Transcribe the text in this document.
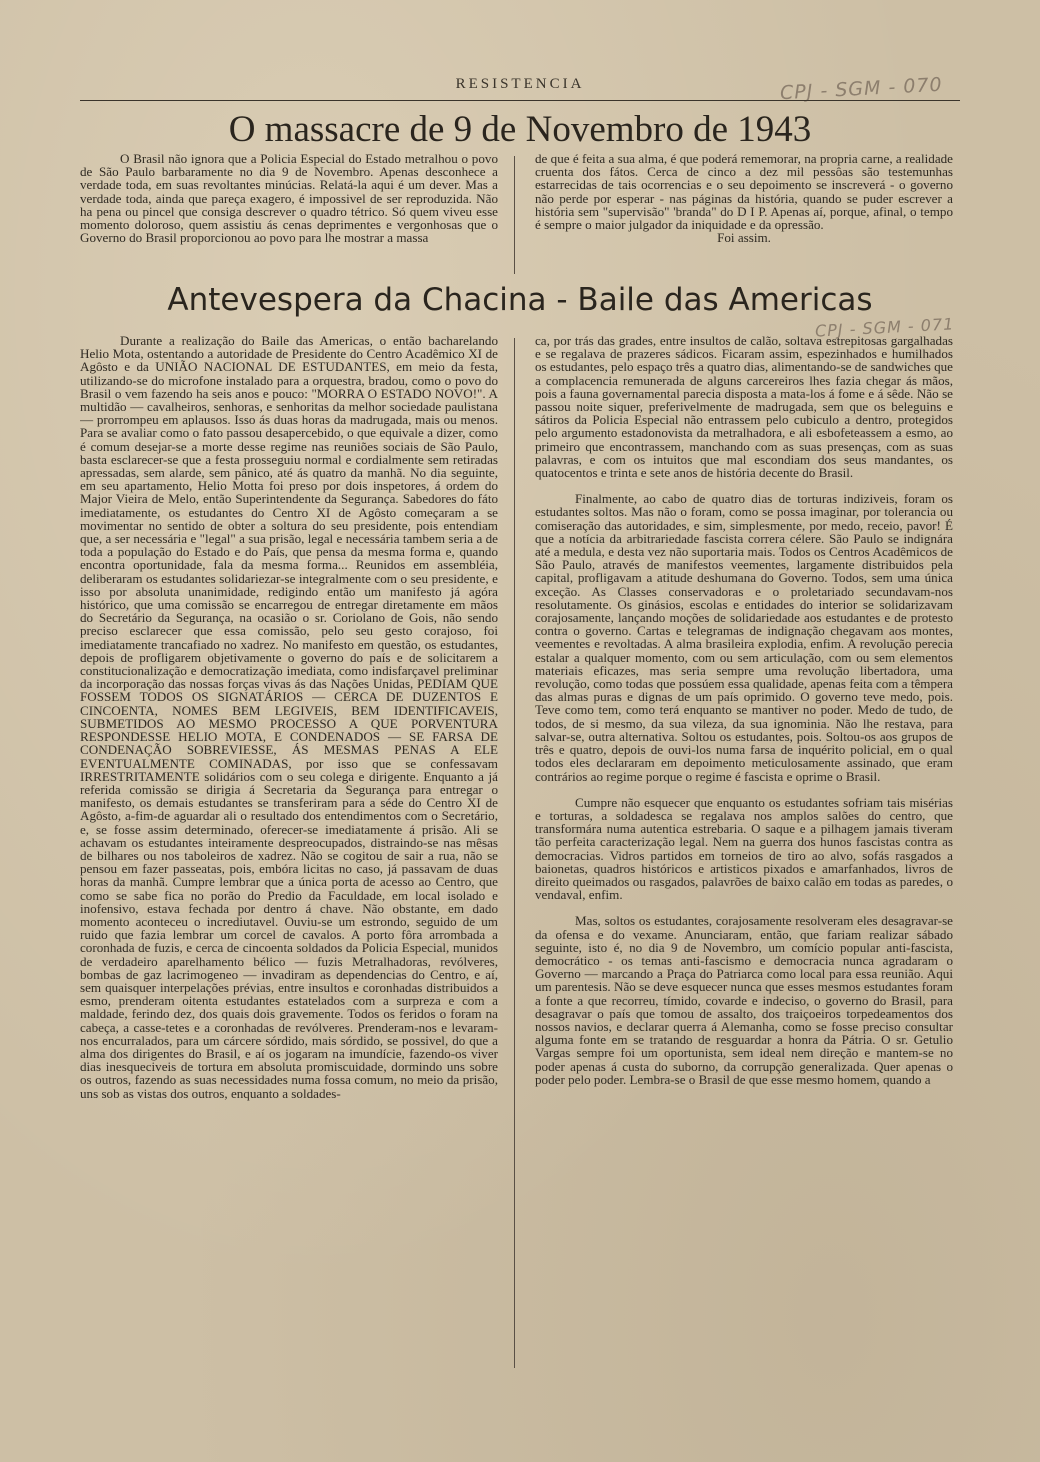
RESISTENCIA	CPJ - SGM - 070
O massacre de 9 de Novembro de 1943

O Brasil não ignora que a Policia Especial do Estado metralhou o povo de São Paulo barbaramente no dia 9 de Novembro. Apenas desconhece a verdade toda, em suas revoltantes minúcias. Relatá-la aqui é um dever. Mas a verdade toda, ainda que pareça exagero, é impossivel de ser reproduzida. Não ha pena ou pincel que consiga descrever o quadro tétrico. Só quem viveu esse momento doloroso, quem assistiu ás cenas deprimentes e vergonhosas que o Governo do Brasil proporcionou ao povo para lhe mostrar a massa

de que é feita a sua alma, é que poderá rememorar, na propria carne, a realidade cruenta dos fátos. Cerca de cinco a dez mil pessôas são testemunhas estarrecidas de tais ocorrencias e o seu depoimento se inscreverá - o governo não perde por esperar - nas páginas da história, quando se puder escrever a história sem "supervisão" 'branda" do D I P. Apenas aí, porque, afinal, o tempo é sempre o maior julgador da iniquidade e da opressão.

Foi assim.

Antevespera da Chacina - Baile das Americas
CPJ - SGM - 071

Durante a realização do Baile das Americas, o então bacharelando Helio Mota, ostentando a autoridade de Presidente do Centro Acadêmico XI de Agôsto e da UNIÃO NACIONAL DE ESTUDANTES, em meio da festa, utilizando-se do microfone instalado para a orquestra, bradou, como o povo do Brasil o vem fazendo ha seis anos e pouco: "MORRA O ESTADO NOVO!". A multidão — cavalheiros, senhoras, e senhoritas da melhor sociedade paulistana — prorrompeu em aplausos. Isso ás duas horas da madrugada, mais ou menos. Para se avaliar como o fato passou desapercebido, o que equivale a dizer, como é comum desejar-se a morte desse regime nas reuniões sociais de São Paulo, basta esclarecer-se que a festa prosseguiu normal e cordialmente sem retiradas apressadas, sem alarde, sem pânico, até ás quatro da manhã. No dia seguinte, em seu apartamento, Helio Motta foi preso por dois inspetores, á ordem do Major Vieira de Melo, então Superintendente da Segurança. Sabedores do fáto imediatamente, os estudantes do Centro XI de Agôsto começaram a se movimentar no sentido de obter a soltura do seu presidente, pois entendiam que, a ser necessária e "legal" a sua prisão, legal e necessária tambem seria a de toda a população do Estado e do País, que pensa da mesma forma e, quando encontra oportunidade, fala da mesma forma... Reunidos em assembléia, deliberaram os estudantes solidariezar-se integralmente com o seu presidente, e isso por absoluta unanimidade, redigindo então um manifesto já agóra histórico, que uma comissão se encarregou de entregar diretamente em mãos do Secretário da Segurança, na ocasião o sr. Coriolano de Gois, não sendo preciso esclarecer que essa comissão, pelo seu gesto corajoso, foi imediatamente trancafiado no xadrez. No manifesto em questão, os estudantes, depois de profligarem objetivamente o governo do país e de solicitarem a constitucionalização e democratização imediata, como indisfarçavel preliminar da incorporação das nossas forças vivas ás das Nações Unidas, PEDIAM QUE FOSSEM TODOS OS SIGNATÁRIOS — CERCA DE DUZENTOS E CINCOENTA, NOMES BEM LEGIVEIS, BEM IDENTIFICAVEIS, SUBMETIDOS AO MESMO PROCESSO A QUE PORVENTURA RESPONDESSE HELIO MOTA, E CONDENADOS — SE FARSA DE CONDENAÇÃO SOBREVIESSE, ÁS MESMAS PENAS A ELE EVENTUALMENTE COMINADAS, por isso que se confessavam IRRESTRITAMENTE solidários com o seu colega e dirigente. Enquanto a já referida comissão se dirigia á Secretaria da Segurança para entregar o manifesto, os demais estudantes se transferiram para a séde do Centro XI de Agôsto, a-fim-de aguardar ali o resultado dos entendimentos com o Secretário, e, se fosse assim determinado, oferecer-se imediatamente á prisão. Ali se achavam os estudantes inteiramente despreocupados, distraindo-se nas mêsas de bilhares ou nos taboleiros de xadrez. Não se cogitou de sair a rua, não se pensou em fazer passeatas, pois, embóra licitas no caso, já passavam de duas horas da manhã. Cumpre lembrar que a única porta de acesso ao Centro, que como se sabe fica no porão do Predio da Faculdade, em local isolado e inofensivo, estava fechada por dentro á chave. Não obstante, em dado momento aconteceu o incrediutavel. Ouviu-se um estrondo, seguido de um ruido que fazia lembrar um corcel de cavalos. A porto fôra arrombada a coronhada de fuzis, e cerca de cincoenta soldados da Policia Especial, munidos de verdadeiro aparelhamento bélico — fuzis Metralhadoras, revólveres, bombas de gaz lacrimogeneo — invadiram as dependencias do Centro, e aí, sem quaisquer interpelações prévias, entre insultos e coronhadas distribuidos a esmo, prenderam oitenta estudantes estatelados com a surpreza e com a maldade, ferindo dez, dos quais dois gravemente. Todos os feridos o foram na cabeça, a casse-tetes e a coronhadas de revólveres. Prenderam-nos e levaram-nos encurralados, para um cárcere sórdido, mais sórdido, se possivel, do que a alma dos dirigentes do Brasil, e aí os jogaram na imundície, fazendo-os viver dias inesqueciveis de tortura em absoluta promiscuidade, dormindo uns sobre os outros, fazendo as suas necessidades numa fossa comum, no meio da prisão, uns sob as vistas dos outros, enquanto a soldades-

ca, por trás das grades, entre insultos de calão, soltava estrepitosas gargalhadas e se regalava de prazeres sádicos. Ficaram assim, espezinhados e humilhados os estudantes, pelo espaço três a quatro dias, alimentando-se de sandwiches que a complacencia remunerada de alguns carcereiros lhes fazia chegar ás mãos, pois a fauna governamental parecia disposta a mata-los á fome e á sêde. Não se passou noite siquer, preferivelmente de madrugada, sem que os beleguins e sátiros da Policia Especial não entrassem pelo cubiculo a dentro, protegidos pelo argumento estadonovista da metralhadora, e ali esbofeteassem a esmo, ao primeiro que encontrassem, manchando com as suas presenças, com as suas palavras, e com os intuitos que mal escondiam dos seus mandantes, os quatocentos e trinta e sete anos de história decente do Brasil.

Finalmente, ao cabo de quatro dias de torturas indiziveis, foram os estudantes soltos. Mas não o foram, como se possa imaginar, por tolerancia ou comiseração das autoridades, e sim, simplesmente, por medo, receio, pavor! É que a notícia da arbitrariedade fascista correra célere. São Paulo se indignára até a medula, e desta vez não suportaria mais. Todos os Centros Acadêmicos de São Paulo, através de manifestos veementes, largamente distribuidos pela capital, profligavam a atitude deshumana do Governo. Todos, sem uma única exceção. As Classes conservadoras e o proletariado secundavam-nos resolutamente. Os ginásios, escolas e entidades do interior se solidarizavam corajosamente, lançando moções de solidariedade aos estudantes e de protesto contra o governo. Cartas e telegramas de indignação chegavam aos montes, veementes e revoltadas. A alma brasileira explodia, enfim. A revolução perecia estalar a qualquer momento, com ou sem articulação, com ou sem elementos materiais eficazes, mas seria sempre uma revolução libertadora, uma revolução, como todas que possúem essa qualidade, apenas feita com a têmpera das almas puras e dignas de um país oprimido. O governo teve medo, pois. Teve como tem, como terá enquanto se mantiver no poder. Medo de tudo, de todos, de si mesmo, da sua vileza, da sua ignominia. Não lhe restava, para salvar-se, outra alternativa. Soltou os estudantes, pois. Soltou-os aos grupos de três e quatro, depois de ouvi-los numa farsa de inquérito policial, em o qual todos eles declararam em depoimento meticulosamente assinado, que eram contrários ao regime porque o regime é fascista e oprime o Brasil.

Cumpre não esquecer que enquanto os estudantes sofriam tais misérias e torturas, a soldadesca se regalava nos amplos salões do centro, que transformára numa autentica estrebaria. O saque e a pilhagem jamais tiveram tão perfeita caracterização legal. Nem na guerra dos hunos fascistas contra as democracias. Vidros partidos em torneios de tiro ao alvo, sofás rasgados a baionetas, quadros históricos e artisticos pixados e amarfanhados, livros de direito queimados ou rasgados, palavrões de baixo calão em todas as paredes, o vendaval, enfim.

Mas, soltos os estudantes, corajosamente resolveram eles desagravar-se da ofensa e do vexame. Anunciaram, então, que fariam realizar sábado seguinte, isto é, no dia 9 de Novembro, um comício popular anti-fascista, democrático - os temas anti-fascismo e democracia nunca agradaram o Governo — marcando a Praça do Patriarca como local para essa reunião. Aqui um parentesis. Não se deve esquecer nunca que esses mesmos estudantes foram a fonte a que recorreu, tímido, covarde e indeciso, o governo do Brasil, para desagravar o país que tomou de assalto, dos traiçoeiros torpedeamentos dos nossos navios, e declarar querra á Alemanha, como se fosse preciso consultar alguma fonte em se tratando de resguardar a honra da Pátria. O sr. Getulio Vargas sempre foi um oportunista, sem ideal nem direção e mantem-se no poder apenas á custa do suborno, da corrupção generalizada. Quer apenas o poder pelo poder. Lembra-se o Brasil de que esse mesmo homem, quando a
